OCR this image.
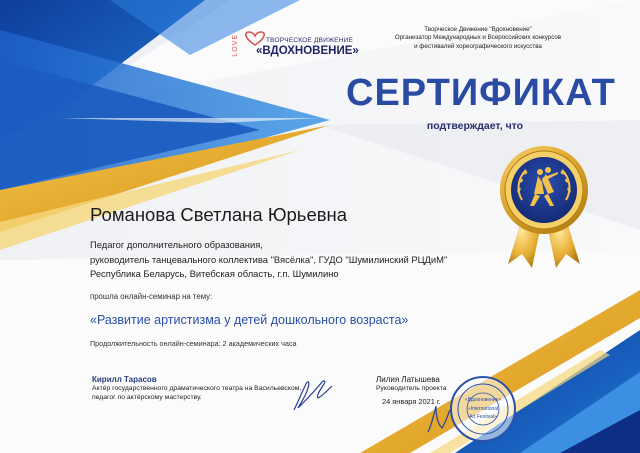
LOVE	ТВОРЧЕСКОЕ ДВИЖЕНИЕ
«ВДОХНОВЕНИЕ»
Творческое Движение "Вдохновение"
Организатор Международных и Всероссийских конкурсов
и фестивалей хореографического искусства
СЕРТИФИКАТ
подтверждает, что
Романова Светлана Юрьевна
Педагог дополнительного образования,
руководитель танцевального коллектива "Вясёлка", ГУДО "Шумилинский РЦДиМ"
Республика Беларусь, Витебская область, г.п. Шумилино
прошла онлайн-семинар на тему:
«Развитие артистизма у детей дошкольного возраста»
Продолжительность онлайн-семинара: 2 академических часа
Кирилл Тарасов
Актёр государственного драматического театра на Васильевском,
педагог по актёрскому мастерству.
Лилия Латышева
Руководитель проекта
24 января 2021 г.	«Вдохновение»
«International
Art Festival»
